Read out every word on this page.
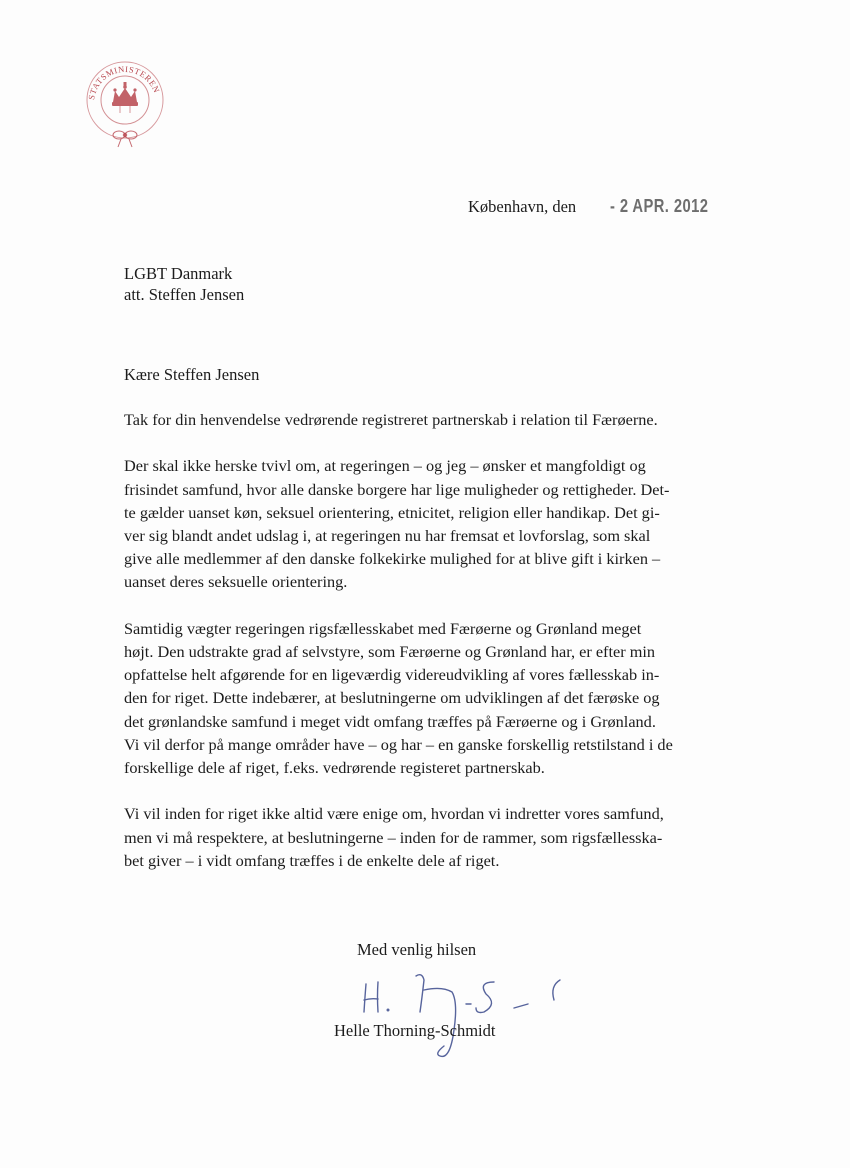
STATSMINISTEREN
København, den - 2 APR. 2012
LGBT Danmark
att. Steffen Jensen
Kære Steffen Jensen
Tak for din henvendelse vedrørende registreret partnerskab i relation til Færøerne.
Der skal ikke herske tvivl om, at regeringen – og jeg – ønsker et mangfoldigt og
frisindet samfund, hvor alle danske borgere har lige muligheder og rettigheder. Det-
te gælder uanset køn, seksuel orientering, etnicitet, religion eller handikap. Det gi-
ver sig blandt andet udslag i, at regeringen nu har fremsat et lovforslag, som skal
give alle medlemmer af den danske folkekirke mulighed for at blive gift i kirken –
uanset deres seksuelle orientering.
Samtidig vægter regeringen rigsfællesskabet med Færøerne og Grønland meget
højt. Den udstrakte grad af selvstyre, som Færøerne og Grønland har, er efter min
opfattelse helt afgørende for en ligeværdig videreudvikling af vores fællesskab in-
den for riget. Dette indebærer, at beslutningerne om udviklingen af det færøske og
det grønlandske samfund i meget vidt omfang træffes på Færøerne og i Grønland.
Vi vil derfor på mange områder have – og har – en ganske forskellig retstilstand i de
forskellige dele af riget, f.eks. vedrørende registeret partnerskab.
Vi vil inden for riget ikke altid være enige om, hvordan vi indretter vores samfund,
men vi må respektere, at beslutningerne – inden for de rammer, som rigsfællesska-
bet giver – i vidt omfang træffes i de enkelte dele af riget.
Med venlig hilsen
Helle Thorning-Schmidt
